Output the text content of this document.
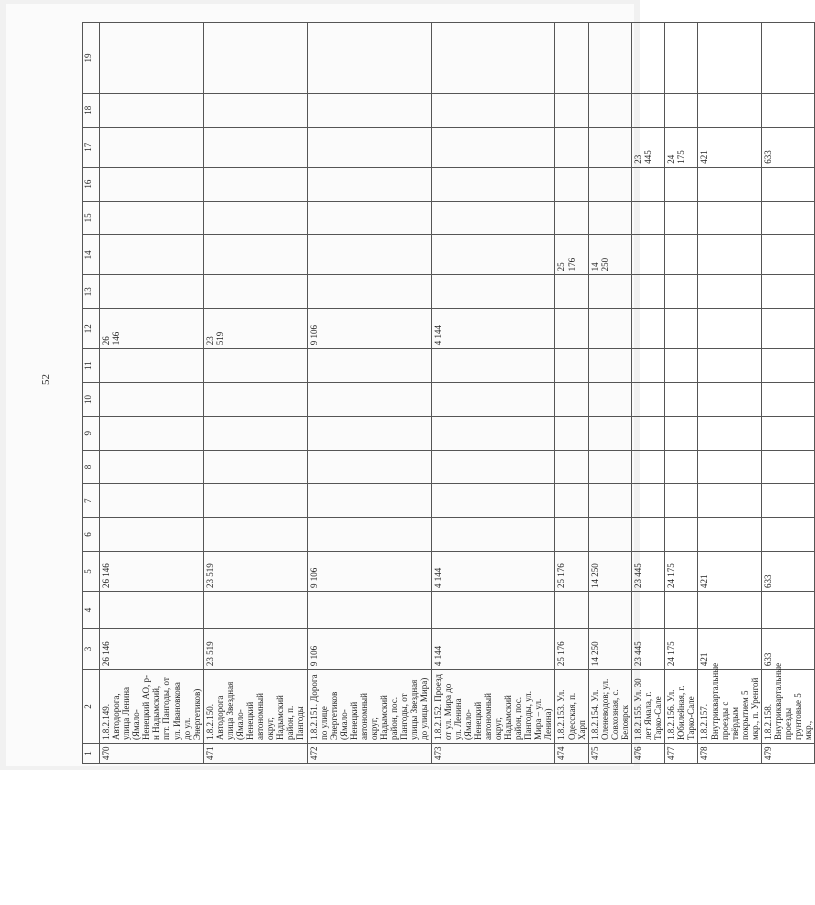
52
1	2	3	4	5	6	7	8	9	10	11	12	13	14	15	16	17	18	19
470	1.8.2.149. Автодорога, улица Ленина (Ямало-Ненецкий АО, р-н Надымский, пгт. Пангоды, от ул. Ивановкова до ул. Энергетиков)	26 146		26 146							26
146							
471	1.8.2.150. Автодорога улица Звездная (Ямало-Ненецкий автономный округ, Надымский район, п. Пангоды	23 519		23 519							23
519							
472	1.8.2.151. Дорога по улице Энергетиков (Ямало-Ненецкий автономный округ, Надымский район, пос. Пангоды, от улицы Звездная до улицы Мира)	9 106		9 106							9 106							
473	1.8.2.152. Проезд от ул. Мира до ул. Ленина (Ямало-Ненецкий автономный округ, Надымский район, пос. Пангоды, ул. Мира – ул. Ленина)	4 144		4 144							4 144							
474	1.8.2.153. Ул. Одесская, п. Харп	25 176		25 176									25
176					
475	1.8.2.154. Ул. Оленеводов; ул. Совхозная, с. Белоярск	14 250		14 250									14
250					
476	1.8.2.155. Ул. 30 лет Ямала, г. Тарко-Сале	23 445		23 445												23
445		
477	1.8.2.156. Ул. Юбилейная, г. Тарко-Сале	24 175		24 175												24
175		
478	1.8.2.157. Внутриквартальные проезды с твёрдым покрытием 5 мкр., п. Уренгой	421		421												421		
479	1.8.2.158. Внутриквартальные проезды грунтовые 5 мкр.,	633		633												633		
